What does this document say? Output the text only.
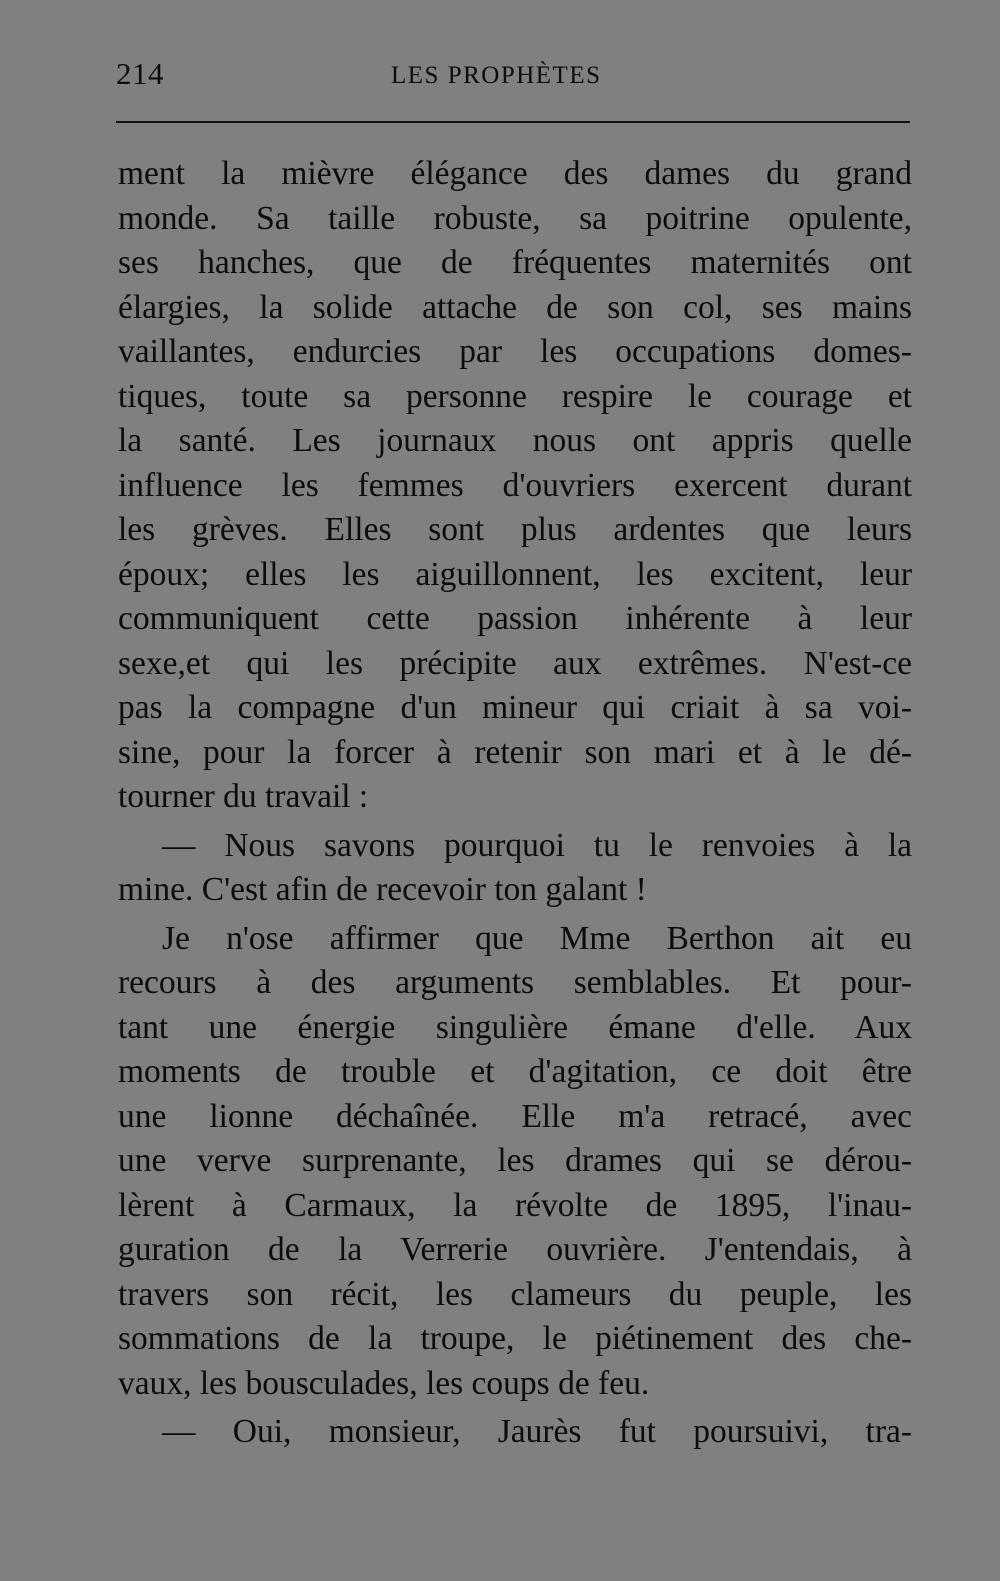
214	LES PROPHÈTES
ment la mièvre élégance des dames du grand
monde. Sa taille robuste, sa poitrine opulente,
ses hanches, que de fréquentes maternités ont
élargies, la solide attache de son col, ses mains
vaillantes, endurcies par les occupations domes-
tiques, toute sa personne respire le courage et
la santé. Les journaux nous ont appris quelle
influence les femmes d'ouvriers exercent durant
les grèves. Elles sont plus ardentes que leurs
époux; elles les aiguillonnent, les excitent, leur
communiquent cette passion inhérente à leur
sexe,et qui les précipite aux extrêmes. N'est-ce
pas la compagne d'un mineur qui criait à sa voi-
sine, pour la forcer à retenir son mari et à le dé-
tourner du travail :
— Nous savons pourquoi tu le renvoies à la
mine. C'est afin de recevoir ton galant !
Je n'ose affirmer que Mme Berthon ait eu
recours à des arguments semblables. Et pour-
tant une énergie singulière émane d'elle. Aux
moments de trouble et d'agitation, ce doit être
une lionne déchaînée. Elle m'a retracé, avec
une verve surprenante, les drames qui se dérou-
lèrent à Carmaux, la révolte de 1895, l'inau-
guration de la Verrerie ouvrière. J'entendais, à
travers son récit, les clameurs du peuple, les
sommations de la troupe, le piétinement des che-
vaux, les bousculades, les coups de feu.
— Oui, monsieur, Jaurès fut poursuivi, tra-
